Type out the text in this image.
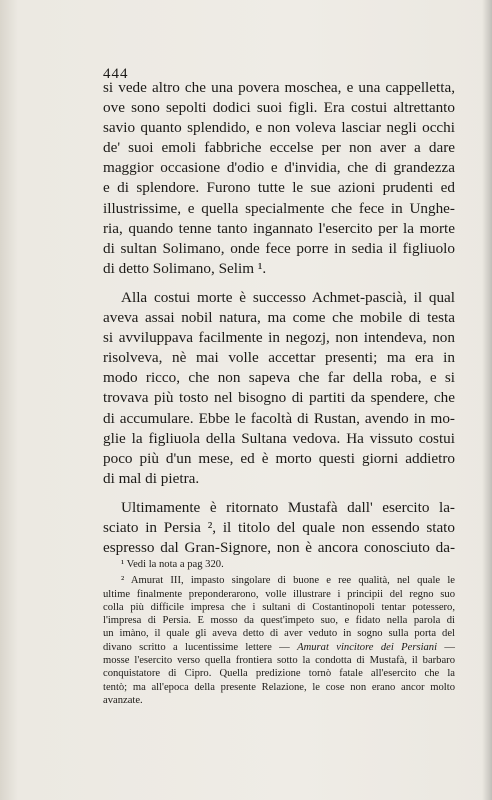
444

si vede altro che una povera moschea, e una cappelletta,
ove sono sepolti dodici suoi figli. Era costui altrettanto
savio quanto splendido, e non voleva lasciar negli occhi
de' suoi emoli fabbriche eccelse per non aver a dare
maggior occasione d'odio e d'invidia, che di grandezza
e di splendore. Furono tutte le sue azioni prudenti ed
illustrissime, e quella specialmente che fece in Unghe-
ria, quando tenne tanto ingannato l'esercito per la morte
di sultan Solimano, onde fece porre in sedia il figliuolo
di detto Solimano, Selim ¹.

Alla costui morte è successo Achmet-pascià, il qual
aveva assai nobil natura, ma come che mobile di testa
si avviluppava facilmente in negozj, non intendeva, non
risolveva, nè mai volle accettar presenti; ma era in
modo ricco, che non sapeva che far della roba, e si
trovava più tosto nel bisogno di partiti da spendere, che
di accumulare. Ebbe le facoltà di Rustan, avendo in mo-
glie la figliuola della Sultana vedova. Ha vissuto costui
poco più d'un mese, ed è morto questi giorni addietro
di mal di pietra.

Ultimamente è ritornato Mustafà dall' esercito la-
sciato in Persia ², il titolo del quale non essendo stato
espresso dal Gran-Signore, non è ancora conosciuto da-

¹ Vedi la nota a pag 320.

² Amurat III, impasto singolare di buone e ree qualità, nel quale le
ultime finalmente preponderarono, volle illustrare i principii del regno suo
colla più difficile impresa che i sultani di Costantinopoli tentar potessero,
l'impresa di Persia. E mosso da quest'impeto suo, e fidato nella parola di
un imàno, il quale gli aveva detto di aver veduto in sogno sulla porta del
divano scritto a lucentissime lettere — Amurat vincitore dei Persiani —
mosse l'esercito verso quella frontiera sotto la condotta di Mustafà, il barbaro
conquistatore di Cipro. Quella predizione tornò fatale all'esercito che la
tentò; ma all'epoca della presente Relazione, le cose non erano ancor molto
avanzate.
